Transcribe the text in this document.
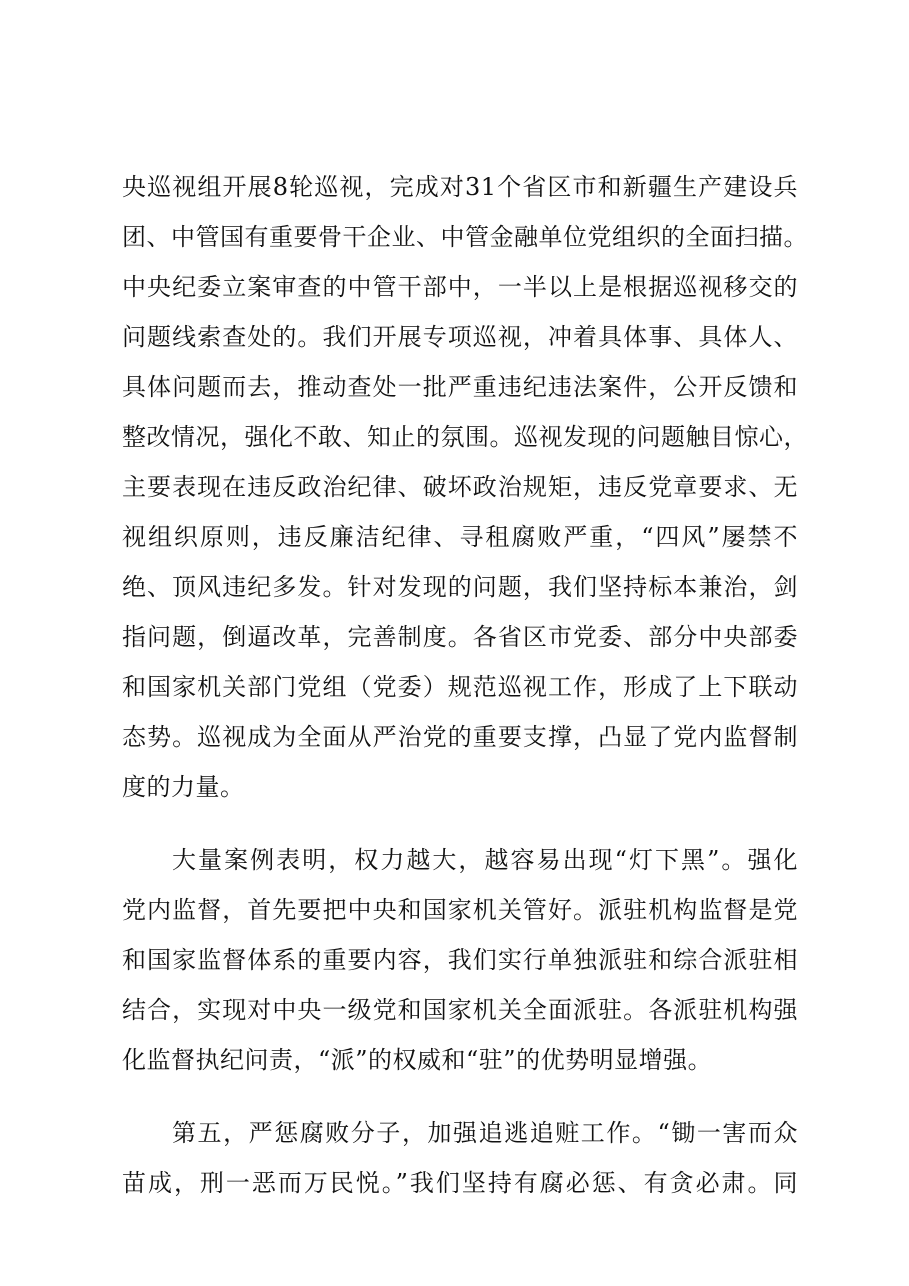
央巡视组开展8轮巡视，完成对31个省区市和新疆生产建设兵
团、中管国有重要骨干企业、中管金融单位党组织的全面扫描。
中央纪委立案审查的中管干部中，一半以上是根据巡视移交的
问题线索查处的。我们开展专项巡视，冲着具体事、具体人、
具体问题而去，推动查处一批严重违纪违法案件，公开反馈和
整改情况，强化不敢、知止的氛围。巡视发现的问题触目惊心，
主要表现在违反政治纪律、破坏政治规矩，违反党章要求、无
视组织原则，违反廉洁纪律、寻租腐败严重，“四风”屡禁不
绝、顶风违纪多发。针对发现的问题，我们坚持标本兼治，剑
指问题，倒逼改革，完善制度。各省区市党委、部分中央部委
和国家机关部门党组（党委）规范巡视工作，形成了上下联动
态势。巡视成为全面从严治党的重要支撑，凸显了党内监督制
度的力量。
大量案例表明，权力越大，越容易出现“灯下黑”。强化
党内监督，首先要把中央和国家机关管好。派驻机构监督是党
和国家监督体系的重要内容，我们实行单独派驻和综合派驻相
结合，实现对中央一级党和国家机关全面派驻。各派驻机构强
化监督执纪问责，“派”的权威和“驻”的优势明显增强。
第五，严惩腐败分子，加强追逃追赃工作。“锄一害而众
苗成，刑一恶而万民悦。”我们坚持有腐必惩、有贪必肃。同
